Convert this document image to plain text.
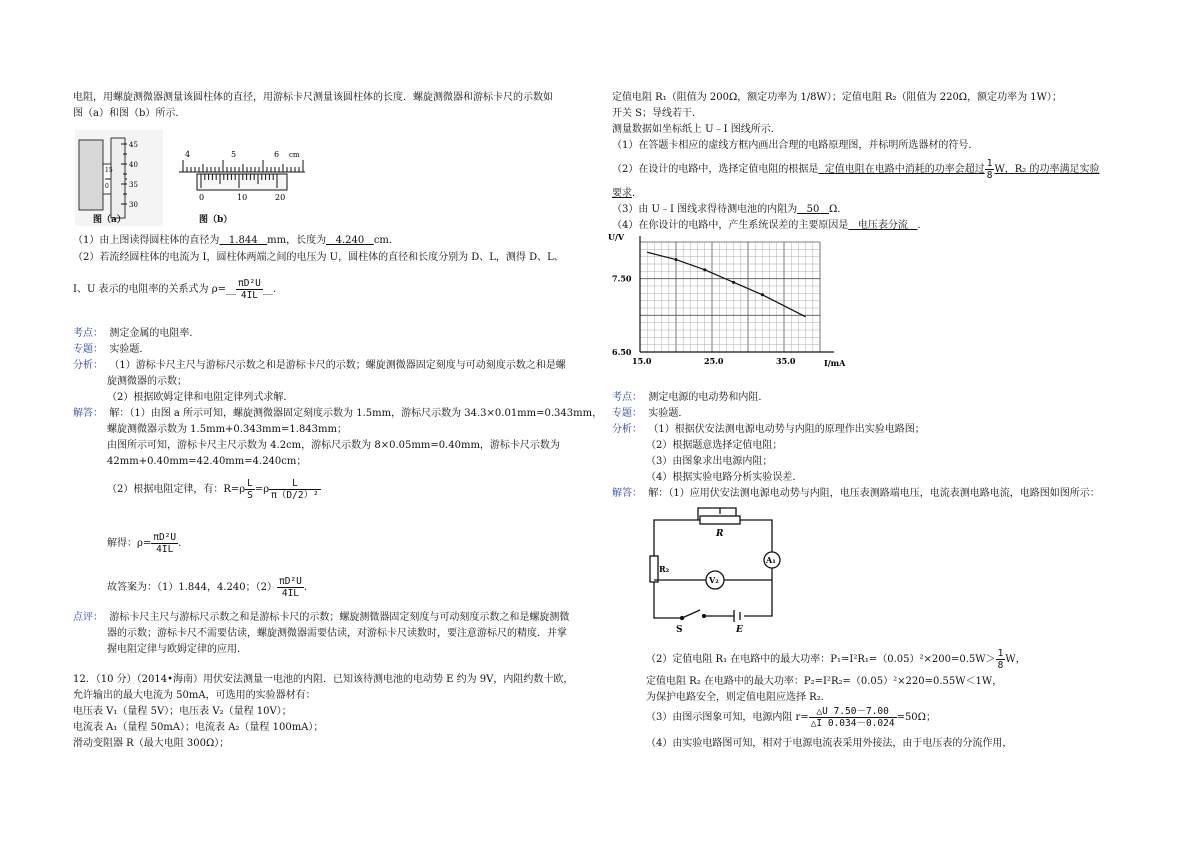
电阻，用螺旋测微器测量该圆柱体的直径，用游标卡尺测量该圆柱体的长度．螺旋测微器和游标卡尺的示数如
图（a）和图（b）所示．
45
40
35
30
15
0
图（a）
4	5	6 cm
0	10	20
图（b）
（1）由上图读得圆柱体的直径为 1.844 mm，长度为 4.240 cm．
（2）若流经圆柱体的电流为 I，圆柱体两端之间的电压为 U，圆柱体的直径和长度分别为 D、L，测得 D、L、
I、U 表示的电阻率的关系式为 ρ=__ $\frac{\text{πD²U}}{4IL}$ __.
考点： 测定金属的电阻率．
专题： 实验题．
分析： （1）游标卡尺主尺与游标尺示数之和是游标卡尺的示数；螺旋测微器固定刻度与可动刻度示数之和是螺
旋测微器的示数；
（2）根据欧姆定律和电阻定律列式求解．
解答： 解：（1）由图 a 所示可知，螺旋测微器固定刻度示数为 1.5mm，游标尺示数为 34.3×0.01mm=0.343mm，
螺旋测微器示数为 1.5mm+0.343mm=1.843mm；
由图所示可知，游标卡尺主尺示数为 4.2cm，游标尺示数为 8×0.05mm=0.40mm，游标卡尺示数为
42mm+0.40mm=42.40mm=4.240cm；
（2）根据电阻定律，有：$R=\rho \frac{L}{S} =\rho \frac{L}{\text{π（D/2）²}}$
解得：$\rho= \frac{\text{πD²U}}{4IL}$ .
故答案为：（1）1.844，4.240；$(2) \frac{\text{πD²U}}{4IL}$ .
点评： 游标卡尺主尺与游标尺示数之和是游标卡尺的示数；螺旋测微器固定刻度与可动刻度示数之和是螺旋测微
器的示数；游标卡尺不需要估读，螺旋测微器需要估读，对游标卡尺读数时，要注意游标尺的精度．并掌
握电阻定律与欧姆定律的应用．
12．（10 分）（2014•海南）用伏安法测量一电池的内阻．已知该待测电池的电动势 E 约为 9V，内阻约数十欧，
允许输出的最大电流为 50mA，可选用的实验器材有：
电压表 V₁（量程 5V）；电压表 V₂（量程 10V）；
电流表 A₁（量程 50mA）；电流表 A₂（量程 100mA）；
滑动变阻器 R（最大电阻 300Ω）；
定值电阻 R₁（阻值为 200Ω，额定功率为 1/8W）；定值电阻 R₂（阻值为 220Ω，额定功率为 1W）；
开关 S；导线若干．
测量数据如坐标纸上 U﹣I 图线所示．
（1）在答题卡相应的虚线方框内画出合理的电路原理图，并标明所选器材的符号．
（2）在设计的电路中，选择定值电阻的根据是 定值电阻在电路中消耗的功率会超过 $\frac{1}{8}$ W，R₂ 的功率满足实验
要求．
（3）由 U﹣I 图线求得待测电池的内阻为 50 Ω．
（4）在你设计的电路中，产生系统误差的主要原因是 电压表分流 ．
I/mA
U/V
15.0	25.0	35.0
7.50
6.50
考点： 测定电源的电动势和内阻．
专题： 实验题．
分析： （1）根据伏安法测电源电动势与内阻的原理作出实验电路图；
（2）根据题意选择定值电阻；
（3）由图象求出电源内阻；
（4）根据实验电路分析实验误差．
解答： 解：（1）应用伏安法测电源电动势与内阻，电压表测路端电压，电流表测电路电流，电路图如图所示：
R
A₁
R₂
V₂
S	E
（2）定值电阻 R₁ 在电路中的最大功率：$P_1=I^2R_1=(0.05)^2\times 200=0.5W> \frac{1}{8}$ W，
定值电阻 R₂ 在电路中的最大功率：P₂=I²R₂=（0.05）²×220=0.55W＜1W，
为保护电路安全，则定值电阻应选择 R₂．
（3）由图示图象可知，电源内阻 $r= \frac{\triangle U 7.50-7.00}{\triangle I 0.034-0.024} =50\Omega$；
（4）由实验电路图可知，相对于电源电流表采用外接法，由于电压表的分流作用，
